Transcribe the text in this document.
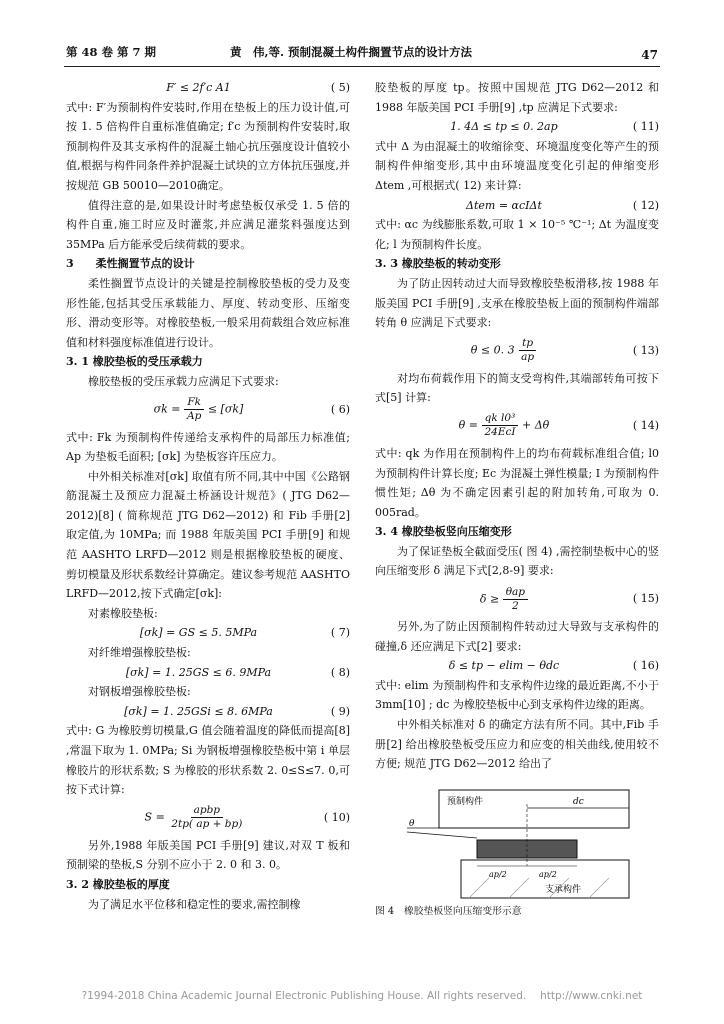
第 48 卷 第 7 期	黄　伟,等. 预制混凝土构件搁置节点的设计方法	47
F′ ≤ 2f′c A1	( 5)

式中: F′为预制构件安装时,作用在垫板上的压力设计值,可按 1. 5 倍构件自重标准值确定; f′c 为预制构件安装时,取预制构件及其支承构件的混凝土轴心抗压强度设计值较小值,根据与构件同条件养护混凝土试块的立方体抗压强度,并按规范 GB 50010—2010确定。

值得注意的是,如果设计时考虑垫板仅承受 1. 5 倍的构件自重,施工时应及时灌浆,并应满足灌浆料强度达到 35MPa 后方能承受后续荷载的要求。

3　　柔性搁置节点的设计

柔性搁置节点设计的关键是控制橡胶垫板的受力及变形性能,包括其受压承载能力、厚度、转动变形、压缩变形、滑动变形等。对橡胶垫板,一般采用荷载组合效应标准值和材料强度标准值进行设计。

3. 1 橡胶垫板的受压承载力

橡胶垫板的受压承载力应满足下式要求:

$\sigma k = \frac{Fk}{Ap} \le [\sigma k]$	( 6)

式中: Fk 为预制构件传递给支承构件的局部压力标准值; Ap 为垫板毛面积; [σk] 为垫板容许压应力。

中外相关标准对[σk] 取值有所不同,其中中国《公路钢筋混凝土及预应力混凝土桥涵设计规范》( JTG D62—2012)[8] ( 简称规范 JTG D62—2012) 和 Fib 手册[2] 取定值,为 10MPa; 而 1988 年版美国 PCI 手册[9] 和规范 AASHTO LRFD—2012 则是根据橡胶垫板的硬度、剪切模量及形状系数经计算确定。建议参考规范 AASHTO LRFD—2012,按下式确定[σk]:

对素橡胶垫板:

[σk] = GS ≤ 5. 5MPa	( 7)

对纤维增强橡胶垫板:

[σk] = 1. 25GS ≤ 6. 9MPa	( 8)

对钢板增强橡胶垫板:

[σk] = 1. 25GSi ≤ 8. 6MPa	( 9)

式中: G 为橡胶剪切模量,G 值会随着温度的降低而提高[8] ,常温下取为 1. 0MPa; Si 为钢板增强橡胶垫板中第 i 单层橡胶片的形状系数; S 为橡胶的形状系数 2. 0≤S≤7. 0,可按下式计算:

$S = \frac{\text{apbp}}{2tp( ap + bp)}$	( 10)

另外,1988 年版美国 PCI 手册[9] 建议,对双 T 板和预制梁的垫板,S 分别不应小于 2. 0 和 3. 0。

3. 2 橡胶垫板的厚度

为了满足水平位移和稳定性的要求,需控制橡

胶垫板的厚度 tp。按照中国规范 JTG D62—2012 和 1988 年版美国 PCI 手册[9] ,tp 应满足下式要求:

1. 4Δ ≤ tp ≤ 0. 2ap	( 11)

式中 Δ 为由混凝土的收缩徐变、环境温度变化等产生的预制构件伸缩变形,其中由环境温度变化引起的伸缩变形 Δtem ,可根据式( 12) 来计算:

Δtem = αcIΔt	( 12)

式中: αc 为线膨胀系数,可取 1 × 10⁻⁵ ℃⁻¹; Δt 为温度变化; l 为预制构件长度。

3. 3 橡胶垫板的转动变形

为了防止因转动过大而导致橡胶垫板滑移,按 1988 年版美国 PCI 手册[9] ,支承在橡胶垫板上面的预制构件端部转角 θ 应满足下式要求:

θ ≤ 0. $3 \frac{tp}{ap}$	( 13)

对均布荷载作用下的简支受弯构件,其端部转角可按下式[5] 计算:

$\theta = \frac{\text{qk l0³}}{\text{24EcI}} + \Delta\theta$	( 14)

式中: qk 为作用在预制构件上的均布荷载标准组合值; l0 为预制构件计算长度; Ec 为混凝土弹性模量; I 为预制构件惯性矩; Δθ 为不确定因素引起的附加转角,可取为 0. 005rad。

3. 4 橡胶垫板竖向压缩变形

为了保证垫板全截面受压( 图 4) ,需控制垫板中心的竖向压缩变形 δ 满足下式[2,8-9] 要求:

$\delta \ge \frac{\text{θap}}{2}$	( 15)

另外,为了防止因预制构件转动过大导致与支承构件的碰撞,δ 还应满足下式[2] 要求:

δ ≤ tp − elim − θdc	( 16)

式中: elim 为预制构件和支承构件边缘的最近距离,不小于 3mm[10] ; dc 为橡胶垫板中心到支承构件边缘的距离。

中外相关标准对 δ 的确定方法有所不同。其中,Fib 手册[2] 给出橡胶垫板受压应力和应变的相关曲线,使用较不方便; 规范 JTG D62—2012 给出了

预制构件
支承构件
dc
θ
ap/2	ap/2

图 4　橡胶垫板竖向压缩变形示意

?1994-2018 China Academic Journal Electronic Publishing House. All rights reserved.　 http://www.cnki.net
